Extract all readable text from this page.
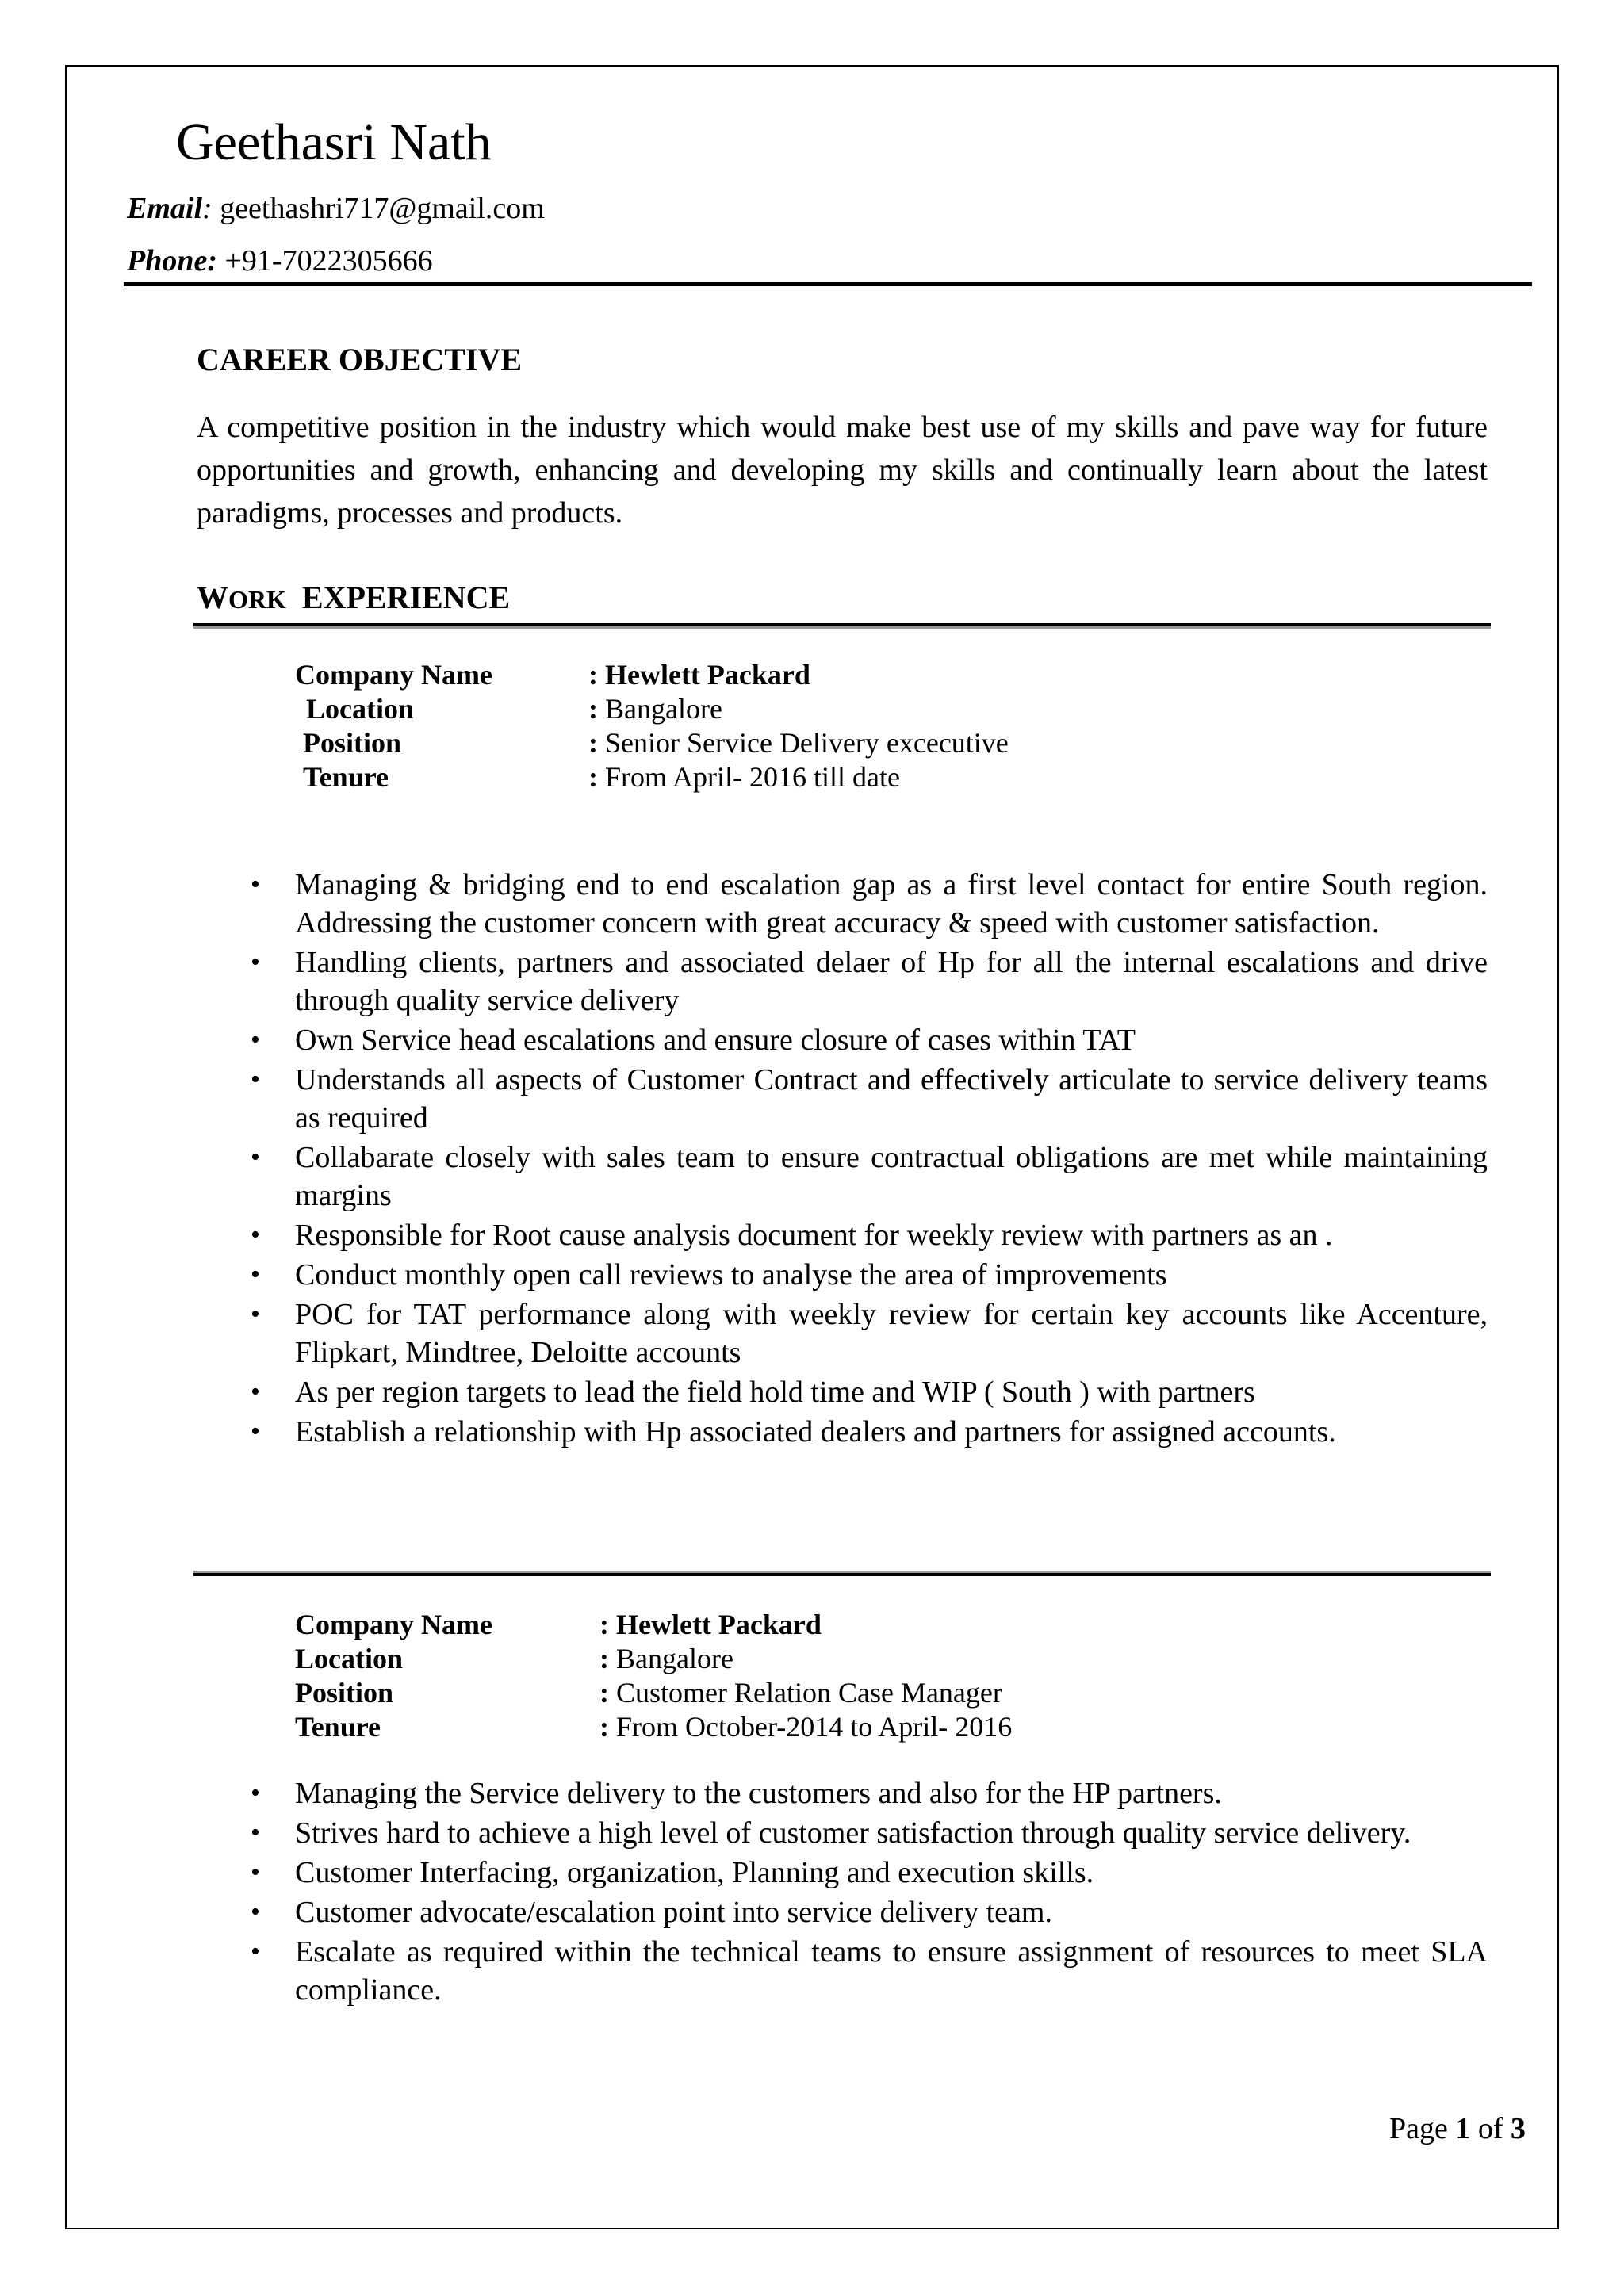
Geethasri Nath
Email: geethashri717@gmail.com
Phone: +91-7022305666
CAREER OBJECTIVE
A competitive position in the industry which would make best use of my skills and pave way for future opportunities and growth, enhancing and developing my skills and continually learn about the latest paradigms, processes and products.
WORK EXPERIENCE
Company Name	: Hewlett Packard
Location	: Bangalore
Position	: Senior Service Delivery excecutive
Tenure	: From April- 2016 till date
• Managing & bridging end to end escalation gap as a first level contact for entire South region. Addressing the customer concern with great accuracy & speed with customer satisfaction.
• Handling clients, partners and associated delaer of Hp for all the internal escalations and drive through quality service delivery
• Own Service head escalations and ensure closure of cases within TAT
• Understands all aspects of Customer Contract and effectively articulate to service delivery teams as required
• Collabarate closely with sales team to ensure contractual obligations are met while maintaining margins
• Responsible for Root cause analysis document for weekly review with partners as an .
• Conduct monthly open call reviews to analyse the area of improvements
• POC for TAT performance along with weekly review for certain key accounts like Accenture, Flipkart, Mindtree, Deloitte accounts
• As per region targets to lead the field hold time and WIP ( South ) with partners
• Establish a relationship with Hp associated dealers and partners for assigned accounts.
Company Name	: Hewlett Packard
Location	: Bangalore
Position	: Customer Relation Case Manager
Tenure	: From October-2014 to April- 2016
• Managing the Service delivery to the customers and also for the HP partners.
• Strives hard to achieve a high level of customer satisfaction through quality service delivery.
• Customer Interfacing, organization, Planning and execution skills.
• Customer advocate/escalation point into service delivery team.
• Escalate as required within the technical teams to ensure assignment of resources to meet SLA compliance.
Page 1 of 3
